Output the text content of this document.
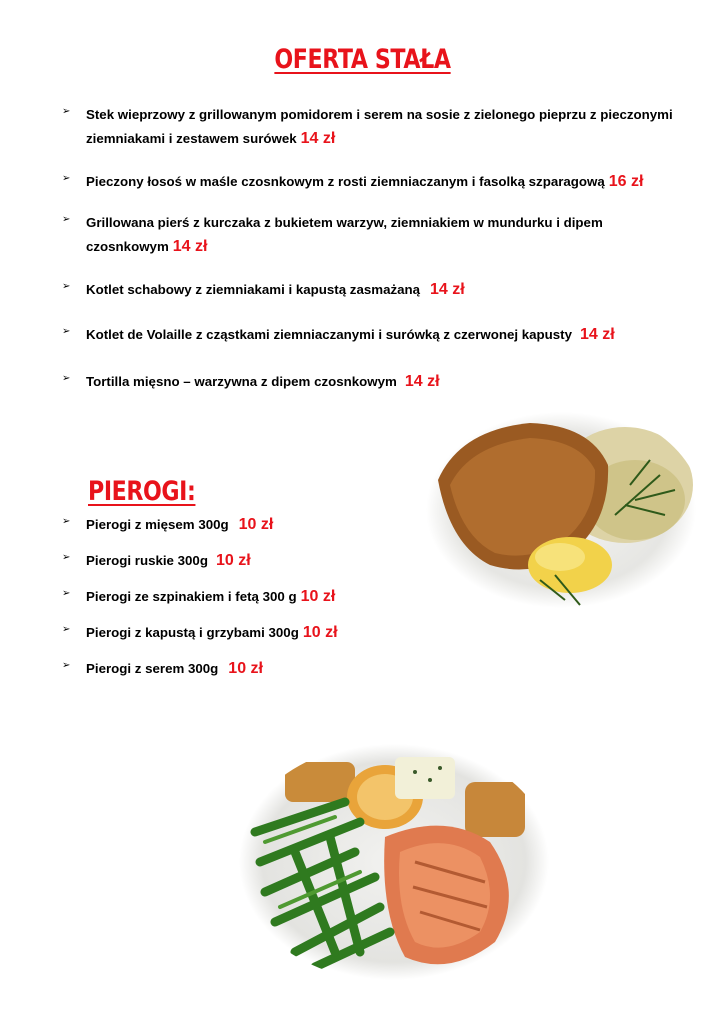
OFERTA STAŁA
➢ Stek wieprzowy z grillowanym pomidorem i serem na sosie z zielonego pieprzu z pieczonymi ziemniakami i zestawem surówek 14 zł
➢ Pieczony łosoś w maśle czosnkowym z rosti ziemniaczanym i fasolką szparagową 16 zł
➢ Grillowana pierś z kurczaka z bukietem warzyw, ziemniakiem w mundurku i dipem czosnkowym 14 zł
➢ Kotlet schabowy z ziemniakami i kapustą zasmażaną 14 zł
➢ Kotlet de Volaille z cząstkami ziemniaczanymi i surówką z czerwonej kapusty 14 zł
➢ Tortilla mięsno – warzywna z dipem czosnkowym 14 zł
PIEROGI:
➢ Pierogi z mięsem 300g 10 zł
➢ Pierogi ruskie 300g 10 zł
➢ Pierogi ze szpinakiem i fetą 300 g 10 zł
➢ Pierogi z kapustą i grzybami 300g 10 zł
➢ Pierogi z serem 300g 10 zł
